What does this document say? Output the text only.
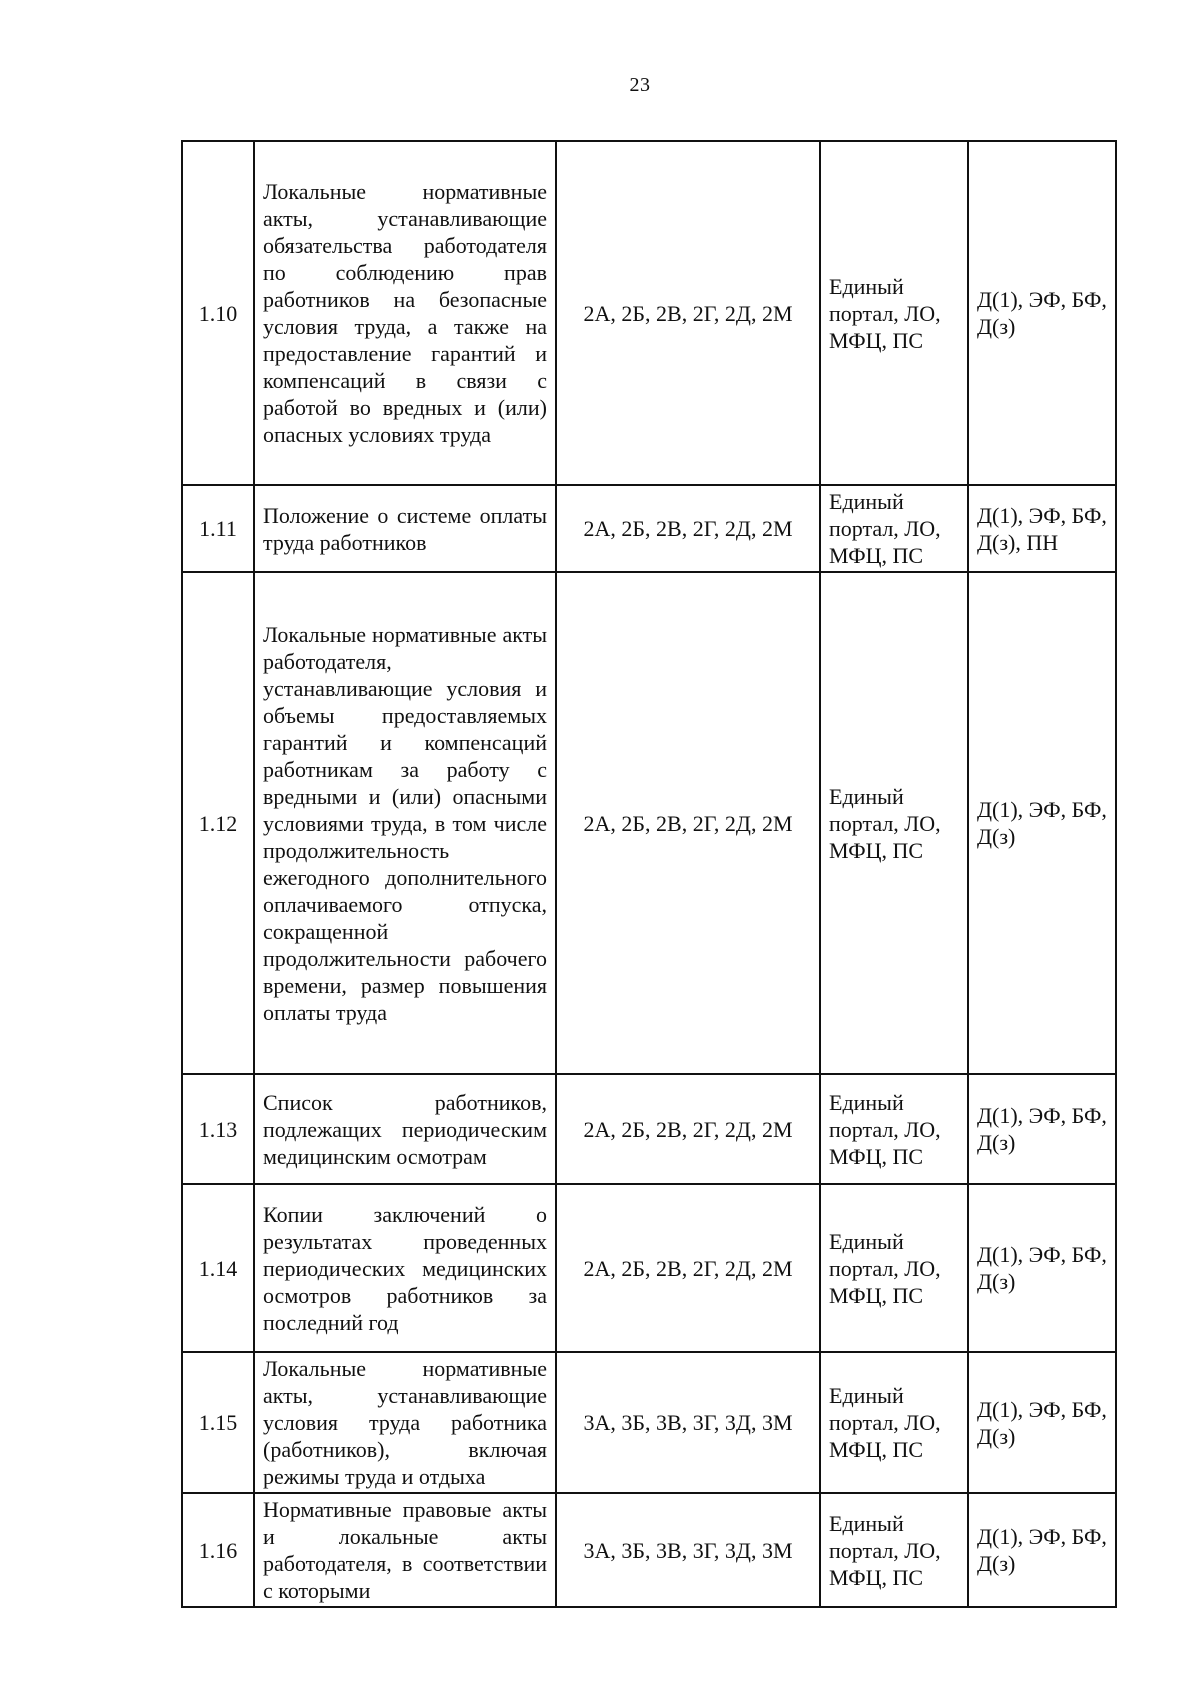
23
1.10	Локальные нормативные акты, устанавливающие обязательства работодателя по соблюдению прав работников на безопасные условия труда, а также на предоставление гарантий и компенсаций в связи с работой во вредных и (или) опасных условиях труда	2А, 2Б, 2В, 2Г, 2Д, 2М	Единый портал, ЛО, МФЦ, ПС	Д(1), ЭФ, БФ, Д(з)
1.11	Положение о системе оплаты труда работников	2А, 2Б, 2В, 2Г, 2Д, 2М	Единый портал, ЛО, МФЦ, ПС	Д(1), ЭФ, БФ, Д(з), ПН
1.12	Локальные нормативные акты работодателя, устанавливающие условия и объемы предоставляемых гарантий и компенсаций работникам за работу с вредными и (или) опасными условиями труда, в том числе продолжительность ежегодного дополнительного оплачиваемого отпуска, сокращенной продолжительности рабочего времени, размер повышения оплаты труда	2А, 2Б, 2В, 2Г, 2Д, 2М	Единый портал, ЛО, МФЦ, ПС	Д(1), ЭФ, БФ, Д(з)
1.13	Список работников, подлежащих периодическим медицинским осмотрам	2А, 2Б, 2В, 2Г, 2Д, 2М	Единый портал, ЛО, МФЦ, ПС	Д(1), ЭФ, БФ, Д(з)
1.14	Копии заключений о результатах проведенных периодических медицинских осмотров работников за последний год	2А, 2Б, 2В, 2Г, 2Д, 2М	Единый портал, ЛО, МФЦ, ПС	Д(1), ЭФ, БФ, Д(з)
1.15	Локальные нормативные акты, устанавливающие условия труда работника (работников), включая режимы труда и отдыха	3А, 3Б, 3В, 3Г, 3Д, 3М	Единый портал, ЛО, МФЦ, ПС	Д(1), ЭФ, БФ, Д(з)
1.16	Нормативные правовые акты и локальные акты работодателя, в соответствии с которыми	3А, 3Б, 3В, 3Г, 3Д, 3М	Единый портал, ЛО, МФЦ, ПС	Д(1), ЭФ, БФ, Д(з)
